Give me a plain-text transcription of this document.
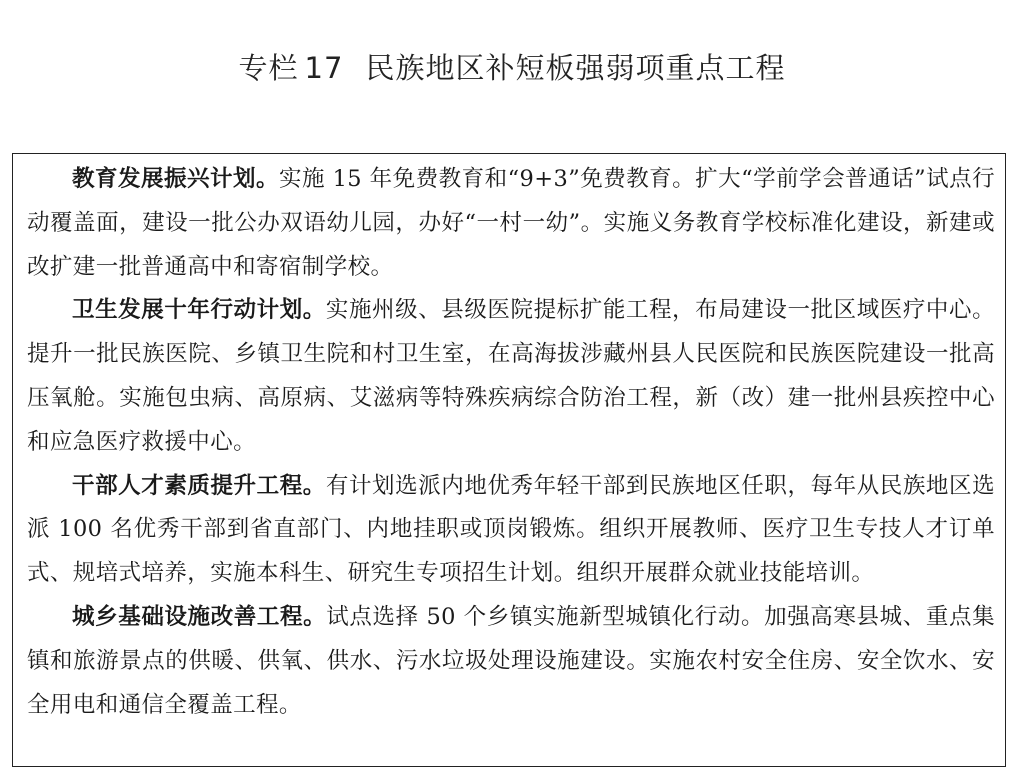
专栏 17 民族地区补短板强弱项重点工程

教育发展振兴计划。实施 15 年免费教育和“9+3”免费教育。扩大“学前学会普通话”试点行动覆盖面，建设一批公办双语幼儿园，办好“一村一幼”。实施义务教育学校标准化建设，新建或改扩建一批普通高中和寄宿制学校。

卫生发展十年行动计划。实施州级、县级医院提标扩能工程，布局建设一批区域医疗中心。提升一批民族医院、乡镇卫生院和村卫生室，在高海拔涉藏州县人民医院和民族医院建设一批高压氧舱。实施包虫病、高原病、艾滋病等特殊疾病综合防治工程，新（改）建一批州县疾控中心和应急医疗救援中心。

干部人才素质提升工程。有计划选派内地优秀年轻干部到民族地区任职，每年从民族地区选派 100 名优秀干部到省直部门、内地挂职或顶岗锻炼。组织开展教师、医疗卫生专技人才订单式、规培式培养，实施本科生、研究生专项招生计划。组织开展群众就业技能培训。

城乡基础设施改善工程。试点选择 50 个乡镇实施新型城镇化行动。加强高寒县城、重点集镇和旅游景点的供暖、供氧、供水、污水垃圾处理设施建设。实施农村安全住房、安全饮水、安全用电和通信全覆盖工程。
